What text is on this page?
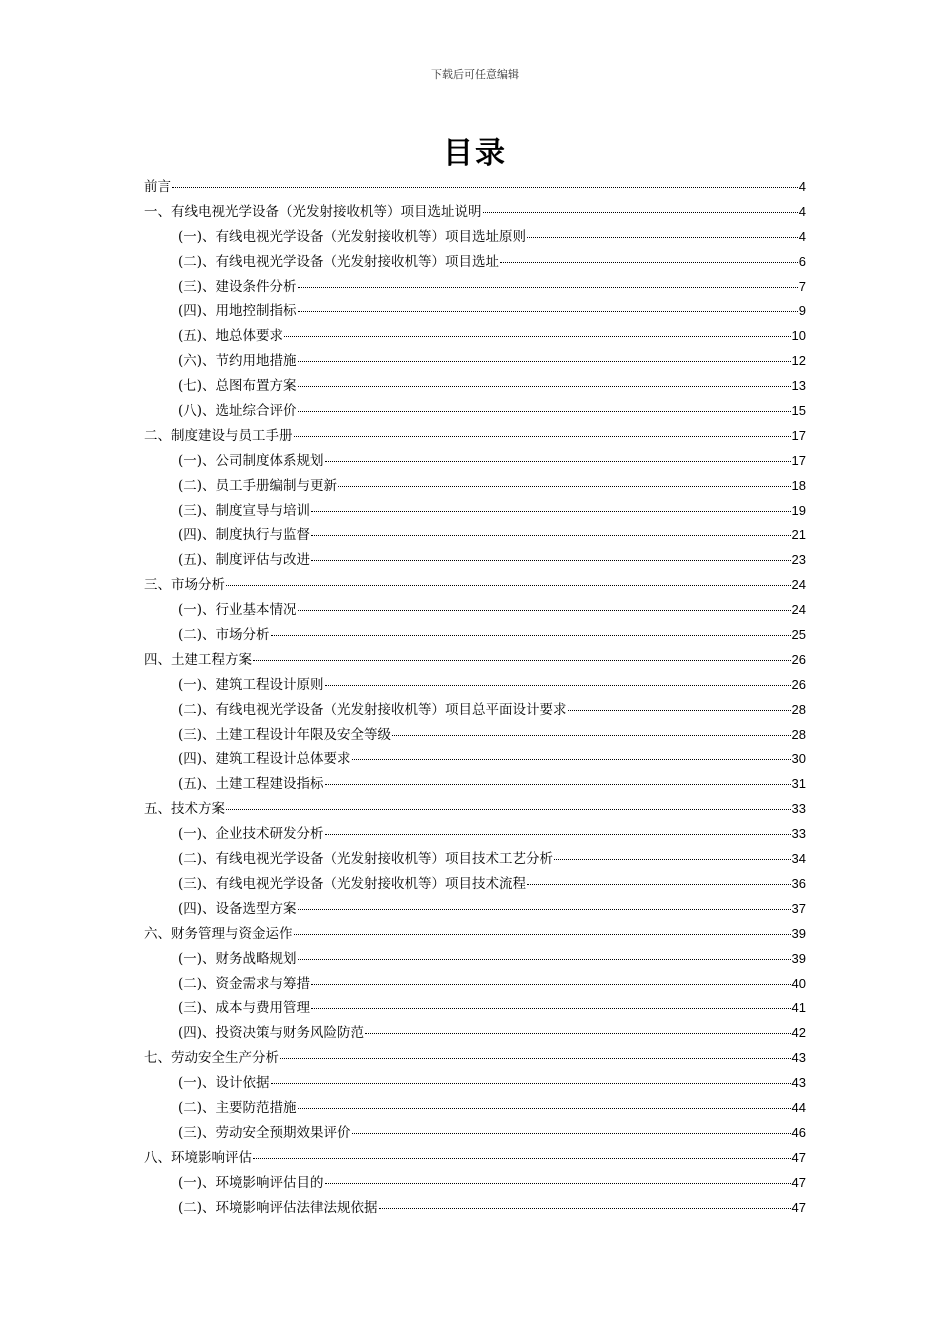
下载后可任意编辑
目录
前言	4
一、有线电视光学设备（光发射接收机等）项目选址说明	4
(一)、有线电视光学设备（光发射接收机等）项目选址原则	4
(二)、有线电视光学设备（光发射接收机等）项目选址	6
(三)、建设条件分析	7
(四)、用地控制指标	9
(五)、地总体要求	10
(六)、节约用地措施	12
(七)、总图布置方案	13
(八)、选址综合评价	15
二、制度建设与员工手册	17
(一)、公司制度体系规划	17
(二)、员工手册编制与更新	18
(三)、制度宣导与培训	19
(四)、制度执行与监督	21
(五)、制度评估与改进	23
三、市场分析	24
(一)、行业基本情况	24
(二)、市场分析	25
四、土建工程方案	26
(一)、建筑工程设计原则	26
(二)、有线电视光学设备（光发射接收机等）项目总平面设计要求	28
(三)、土建工程设计年限及安全等级	28
(四)、建筑工程设计总体要求	30
(五)、土建工程建设指标	31
五、技术方案	33
(一)、企业技术研发分析	33
(二)、有线电视光学设备（光发射接收机等）项目技术工艺分析	34
(三)、有线电视光学设备（光发射接收机等）项目技术流程	36
(四)、设备选型方案	37
六、财务管理与资金运作	39
(一)、财务战略规划	39
(二)、资金需求与筹措	40
(三)、成本与费用管理	41
(四)、投资决策与财务风险防范	42
七、劳动安全生产分析	43
(一)、设计依据	43
(二)、主要防范措施	44
(三)、劳动安全预期效果评价	46
八、环境影响评估	47
(一)、环境影响评估目的	47
(二)、环境影响评估法律法规依据	47
